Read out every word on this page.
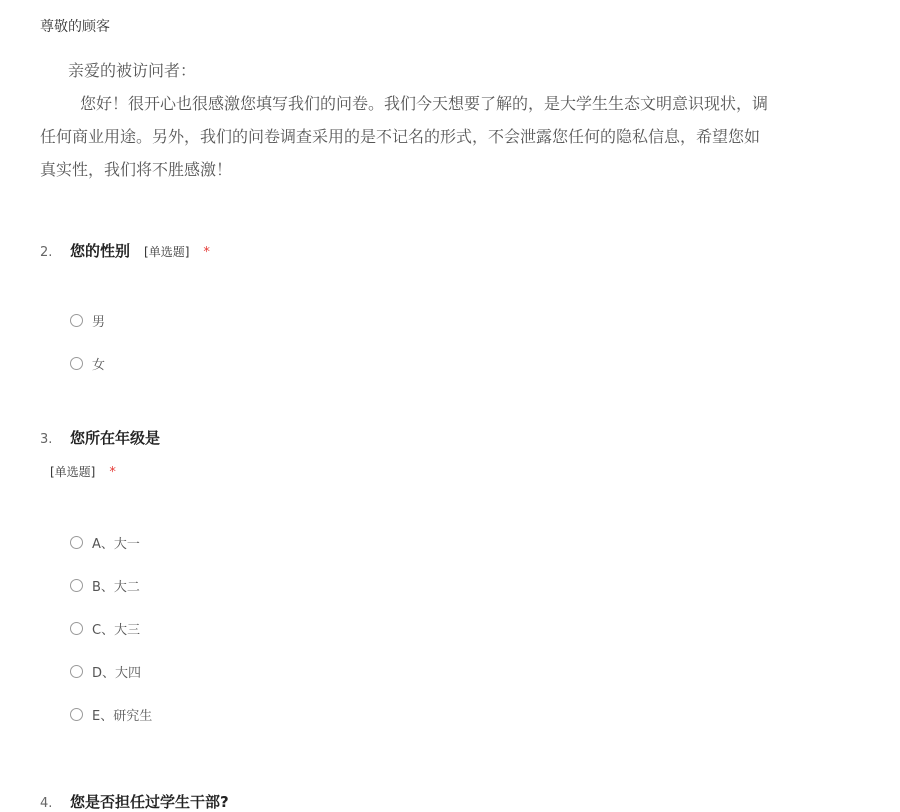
尊敬的顾客
亲爱的被访问者：
您好！很开心也很感激您填写我们的问卷。我们今天想要了解的，是大学生生态文明意识现状，调
任何商业用途。另外，我们的问卷调查采用的是不记名的形式，不会泄露您任何的隐私信息，希望您如
真实性，我们将不胜感激！
2.	您的性别 [单选题] *
男
女
3.	您所在年级是
[单选题] *
A、大一
B、大二
C、大三
D、大四
E、研究生
4.	您是否担任过学生干部?
